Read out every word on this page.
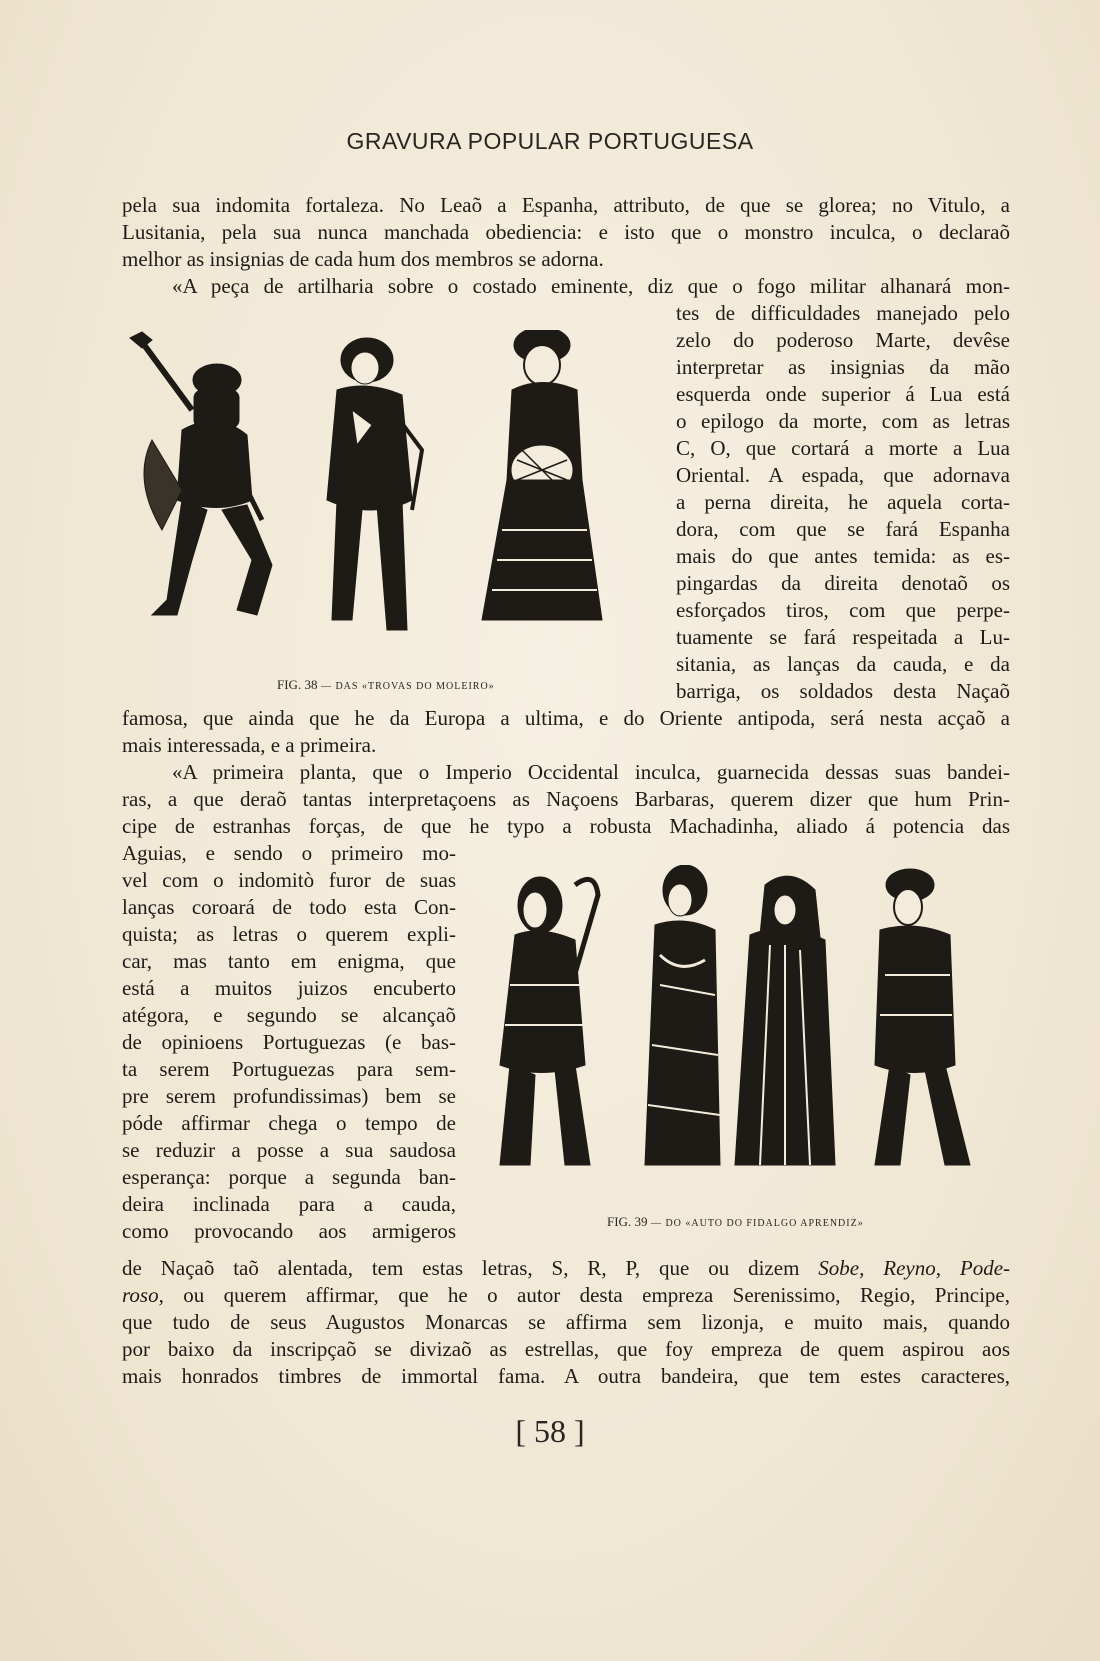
GRAVURA POPULAR PORTUGUESA
pela sua indomita fortaleza. No Leaõ a Espanha, attributo, de que se glorea; no Vitulo, a
Lusitania, pela sua nunca manchada obediencia: e isto que o monstro inculca, o declaraõ
melhor as insignias de cada hum dos membros se adorna.
«A peça de artilharia sobre o costado eminente, diz que o fogo militar alhanará mon-
FIG. 38 — DAS «TROVAS DO MOLEIRO»
tes de difficuldades manejado pelo
zelo do poderoso Marte, devêse
interpretar as insignias da mão
esquerda onde superior á Lua está
o epilogo da morte, com as letras
C, O, que cortará a morte a Lua
Oriental. A espada, que adornava
a perna direita, he aquela corta-
dora, com que se fará Espanha
mais do que antes temida: as es-
pingardas da direita denotaõ os
esforçados tiros, com que perpe-
tuamente se fará respeitada a Lu-
sitania, as lanças da cauda, e da
barriga, os soldados desta Naçaõ
famosa, que ainda que he da Europa a ultima, e do Oriente antipoda, será nesta acçaõ a
mais interessada, e a primeira.
«A primeira planta, que o Imperio Occidental inculca, guarnecida dessas suas bandei-
ras, a que deraõ tantas interpretaçoens as Naçoens Barbaras, querem dizer que hum Prin-
cipe de estranhas forças, de que he typo a robusta Machadinha, aliado á potencia das
Aguias, e sendo o primeiro mo-
vel com o indomitò furor de suas
lanças coroará de todo esta Con-
quista; as letras o querem expli-
car, mas tanto em enigma, que
está a muitos juizos encuberto
atégora, e segundo se alcançaõ
de opinioens Portuguezas (e bas-
ta serem Portuguezas para sem-
pre serem profundissimas) bem se
póde affirmar chega o tempo de
se reduzir a posse a sua saudosa
esperança: porque a segunda ban-
deira inclinada para a cauda,
como provocando aos armigeros	FIG. 39 — DO «AUTO DO FIDALGO APRENDIZ»
de Naçaõ taõ alentada, tem estas letras, S, R, P, que ou dizem Sobe, Reyno, Pode-
roso, ou querem affirmar, que he o autor desta empreza Serenissimo, Regio, Principe,
que tudo de seus Augustos Monarcas se affirma sem lizonja, e muito mais, quando
por baixo da inscripçaõ se divizaõ as estrellas, que foy empreza de quem aspirou aos
mais honrados timbres de immortal fama. A outra bandeira, que tem estes caracteres,
[ 58 ]
